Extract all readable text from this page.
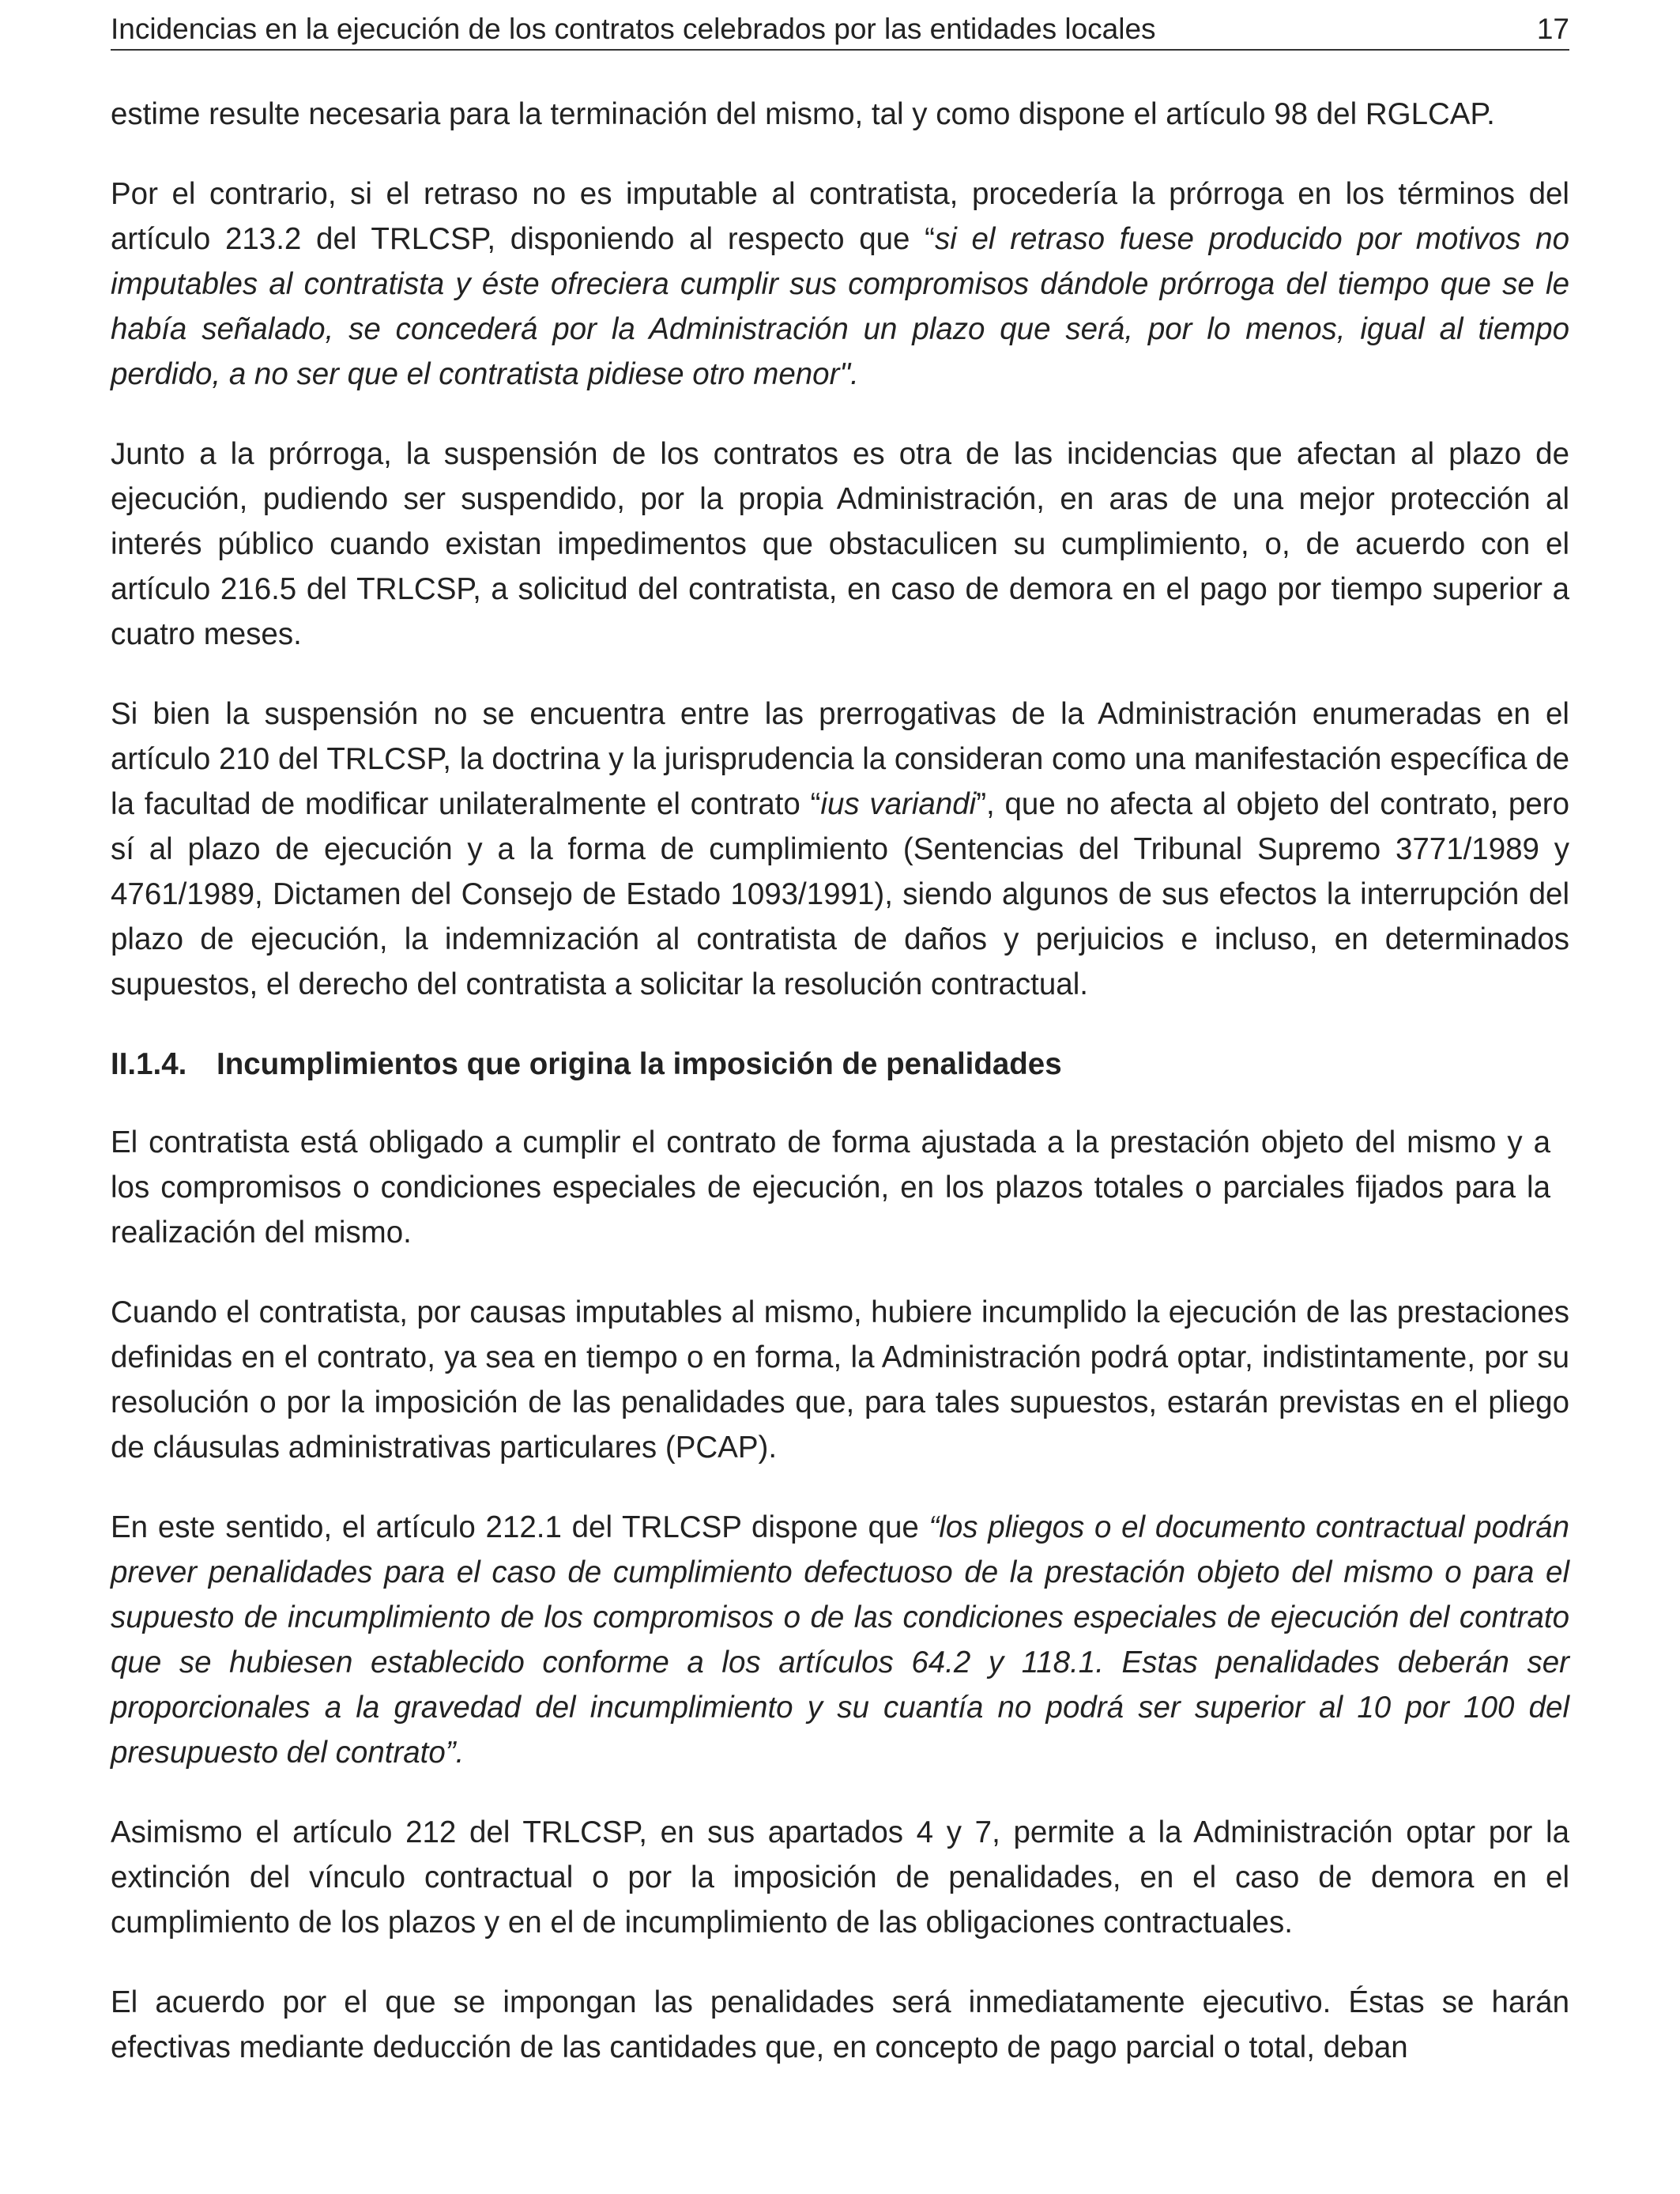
Incidencias en la ejecución de los contratos celebrados por las entidades locales	17

estime resulte necesaria para la terminación del mismo, tal y como dispone el artículo 98 del RGLCAP.

Por el contrario, si el retraso no es imputable al contratista, procedería la prórroga en los términos del artículo 213.2 del TRLCSP, disponiendo al respecto que “si el retraso fuese producido por motivos no imputables al contratista y éste ofreciera cumplir sus compromisos dándole prórroga del tiempo que se le había señalado, se concederá por la Administración un plazo que será, por lo menos, igual al tiempo perdido, a no ser que el contratista pidiese otro menor".

Junto a la prórroga, la suspensión de los contratos es otra de las incidencias que afectan al plazo de ejecución, pudiendo ser suspendido, por la propia Administración, en aras de una mejor protección al interés público cuando existan impedimentos que obstaculicen su cumplimiento, o, de acuerdo con el artículo 216.5 del TRLCSP, a solicitud del contratista, en caso de demora en el pago por tiempo superior a cuatro meses.

Si bien la suspensión no se encuentra entre las prerrogativas de la Administración enumeradas en el artículo 210 del TRLCSP, la doctrina y la jurisprudencia la consideran como una manifestación específica de la facultad de modificar unilateralmente el contrato “ius variandi”, que no afecta al objeto del contrato, pero sí al plazo de ejecución y a la forma de cumplimiento (Sentencias del Tribunal Supremo 3771/1989 y 4761/1989, Dictamen del Consejo de Estado 1093/1991), siendo algunos de sus efectos la interrupción del plazo de ejecución, la indemnización al contratista de daños y perjuicios e incluso, en determinados supuestos, el derecho del contratista a solicitar la resolución contractual.

II.1.4. Incumplimientos que origina la imposición de penalidades

El contratista está obligado a cumplir el contrato de forma ajustada a la prestación objeto del mismo y a los compromisos o condiciones especiales de ejecución, en los plazos totales o parciales fijados para la realización del mismo.

Cuando el contratista, por causas imputables al mismo, hubiere incumplido la ejecución de las prestaciones definidas en el contrato, ya sea en tiempo o en forma, la Administración podrá optar, indistintamente, por su resolución o por la imposición de las penalidades que, para tales supuestos, estarán previstas en el pliego de cláusulas administrativas particulares (PCAP).

En este sentido, el artículo 212.1 del TRLCSP dispone que “los pliegos o el documento contractual podrán prever penalidades para el caso de cumplimiento defectuoso de la prestación objeto del mismo o para el supuesto de incumplimiento de los compromisos o de las condiciones especiales de ejecución del contrato que se hubiesen establecido conforme a los artículos 64.2 y 118.1. Estas penalidades deberán ser proporcionales a la gravedad del incumplimiento y su cuantía no podrá ser superior al 10 por 100 del presupuesto del contrato”.

Asimismo el artículo 212 del TRLCSP, en sus apartados 4 y 7, permite a la Administración optar por la extinción del vínculo contractual o por la imposición de penalidades, en el caso de demora en el cumplimiento de los plazos y en el de incumplimiento de las obligaciones contractuales.

El acuerdo por el que se impongan las penalidades será inmediatamente ejecutivo. Éstas se harán efectivas mediante deducción de las cantidades que, en concepto de pago parcial o total, deban
